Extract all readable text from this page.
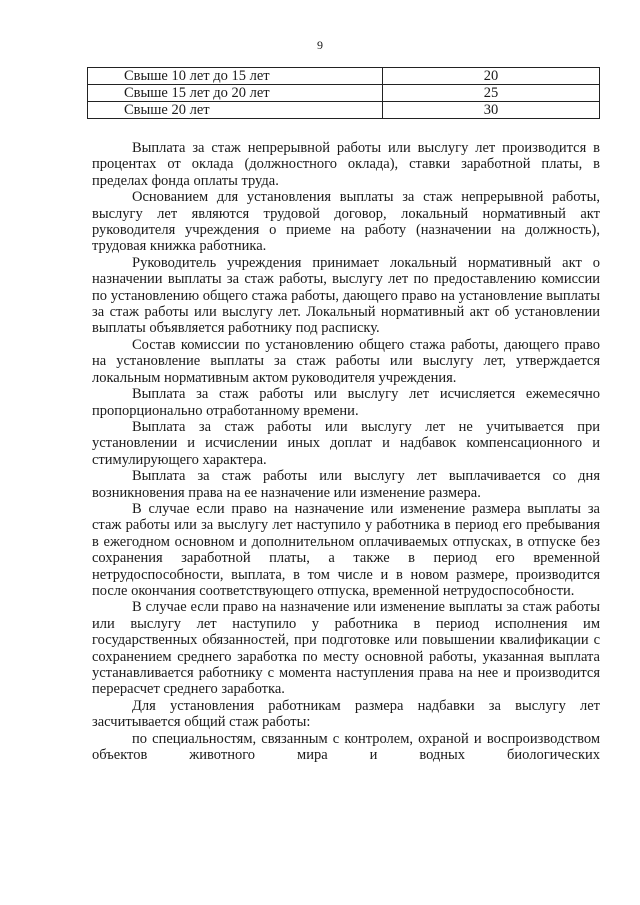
9
Свыше 10 лет до 15 лет	20
Свыше 15 лет до 20 лет	25
Свыше 20 лет	30

Выплата за стаж непрерывной работы или выслугу лет производится в процентах от оклада (должностного оклада), ставки заработной платы, в пределах фонда оплаты труда.

Основанием для установления выплаты за стаж непрерывной работы, выслугу лет являются трудовой договор, локальный нормативный акт руководителя учреждения о приеме на работу (назначении на должность), трудовая книжка работника.

Руководитель учреждения принимает локальный нормативный акт о назначении выплаты за стаж работы, выслугу лет по предоставлению комиссии по установлению общего стажа работы, дающего право на установление выплаты за стаж работы или выслугу лет. Локальный нормативный акт об установлении выплаты объявляется работнику под расписку.

Состав комиссии по установлению общего стажа работы, дающего право на установление выплаты за стаж работы или выслугу лет, утверждается локальным нормативным актом руководителя учреждения.

Выплата за стаж работы или выслугу лет исчисляется ежемесячно пропорционально отработанному времени.

Выплата за стаж работы или выслугу лет не учитывается при установлении и исчислении иных доплат и надбавок компенсационного и стимулирующего характера.

Выплата за стаж работы или выслугу лет выплачивается со дня возникновения права на ее назначение или изменение размера.

В случае если право на назначение или изменение размера выплаты за стаж работы или за выслугу лет наступило у работника в период его пребывания в ежегодном основном и дополнительном оплачиваемых отпусках, в отпуске без сохранения заработной платы, а также в период его временной нетрудоспособности, выплата, в том числе и в новом размере, производится после окончания соответствующего отпуска, временной нетрудоспособности.

В случае если право на назначение или изменение выплаты за стаж работы или выслугу лет наступило у работника в период исполнения им государственных обязанностей, при подготовке или повышении квалификации с сохранением среднего заработка по месту основной работы, указанная выплата устанавливается работнику с момента наступления права на нее и производится перерасчет среднего заработка.

Для установления работникам размера надбавки за выслугу лет засчитывается общий стаж работы:

по специальностям, связанным с контролем, охраной и воспроизводством объектов животного мира и водных биологических
